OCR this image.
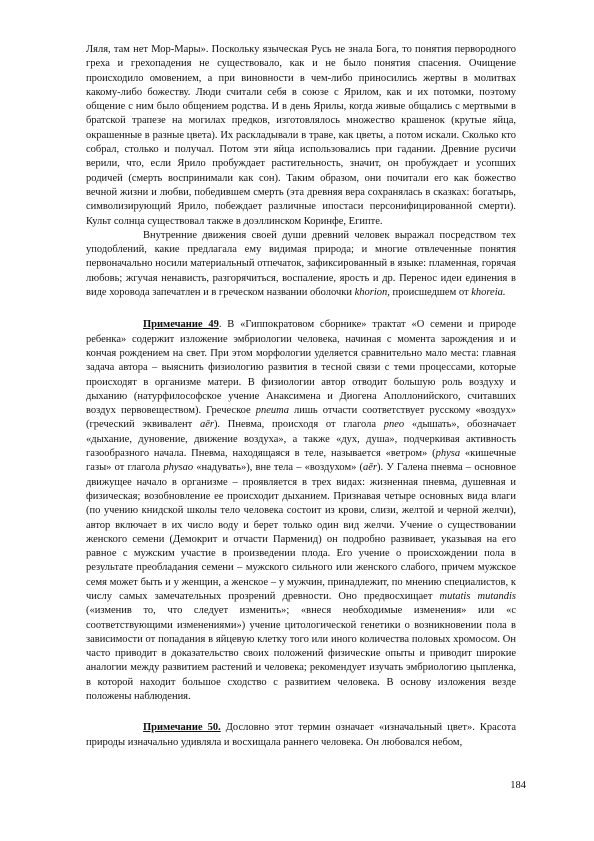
Ляля, там нет Мор-Мары». Поскольку языческая Русь не знала Бога, то понятия первородного греха и грехопадения не существовало, как и не было понятия спасения. Очищение происходило омовением, а при виновности в чем-либо приносились жертвы в молитвах какому-либо божеству. Люди считали себя в союзе с Ярилом, как и их потомки, поэтому общение с ним было общением родства. И в день Ярилы, когда живые общались с мертвыми в братской трапезе на могилах предков, изготовлялось множество крашенок (крутые яйца, окрашенные в разные цвета). Их раскладывали в траве, как цветы, а потом искали. Сколько кто собрал, столько и получал. Потом эти яйца использовались при гадании. Древние русичи верили, что, если Ярило пробуждает растительность, значит, он пробуждает и усопших родичей (смерть воспринимали как сон). Таким образом, они почитали его как божество вечной жизни и любви, победившем смерть (эта древняя вера сохранялась в сказках: богатырь, символизирующий Ярило, побеждает различные ипостаси персонифицированной смерти). Культ солнца существовал также в доэллинском Коринфе, Египте.

Внутренние движения своей души древний человек выражал посредством тех уподоблений, какие предлагала ему видимая природа; и многие отвлеченные понятия первоначально носили материальный отпечаток, зафиксированный в языке: пламенная, горячая любовь; жгучая ненависть, разгорячиться, воспаление, ярость и др. Перенос идеи единения в виде хоровода запечатлен и в греческом названии оболочки khorion, происшедшем от khoreia.

Примечание 49. В «Гиппократовом сборнике» трактат «О семени и природе ребенка» содержит изложение эмбриологии человека, начиная с момента зарождения и и кончая рождением на свет. При этом морфологии уделяется сравнительно мало места: главная задача автора – выяснить физиологию развития в тесной связи с теми процессами, которые происходят в организме матери. В физиологии автор отводит большую роль воздуху и дыханию (натурфилософское учение Анаксимена и Диогена Аполлонийского, считавших воздух первовеществом). Греческое pneuma лишь отчасти соответствует русскому «воздух» (греческий эквивалент aēr). Пневма, происходя от глагола pneo «дышать», обозначает «дыхание, дуновение, движение воздуха», а также «дух, душа», подчеркивая активность газообразного начала. Пневма, находящаяся в теле, называется «ветром» (physa «кишечные газы» от глагола physao «надувать»), вне тела – «воздухом» (aēr). У Галена пневма – основное движущее начало в организме – проявляется в трех видах: жизненная пневма, душевная и физическая; возобновление ее происходит дыханием. Признавая четыре основных вида влаги (по учению книдской школы тело человека состоит из крови, слизи, желтой и черной желчи), автор включает в их число воду и берет только один вид желчи. Учение о существовании женского семени (Демокрит и отчасти Парменид) он подробно развивает, указывая на его равное с мужским участие в произведении плода. Его учение о происхождении пола в результате преобладания семени – мужского сильного или женского слабого, причем мужское семя может быть и у женщин, а женское – у мужчин, принадлежит, по мнению специалистов, к числу самых замечательных прозрений древности. Оно предвосхищает mutatis mutandis («изменив то, что следует изменить»; «внеся необходимые изменения» или «с соответствующими изменениями») учение цитологической генетики о возникновении пола в зависимости от попадания в яйцевую клетку того или иного количества половых хромосом. Он часто приводит в доказательство своих положений физические опыты и приводит широкие аналогии между развитием растений и человека; рекомендует изучать эмбриологию цыпленка, в которой находит большое сходство с развитием человека. В основу изложения везде положены наблюдения.

Примечание 50. Дословно этот термин означает «изначальный цвет». Красота природы изначально удивляла и восхищала раннего человека. Он любовался небом,

184
